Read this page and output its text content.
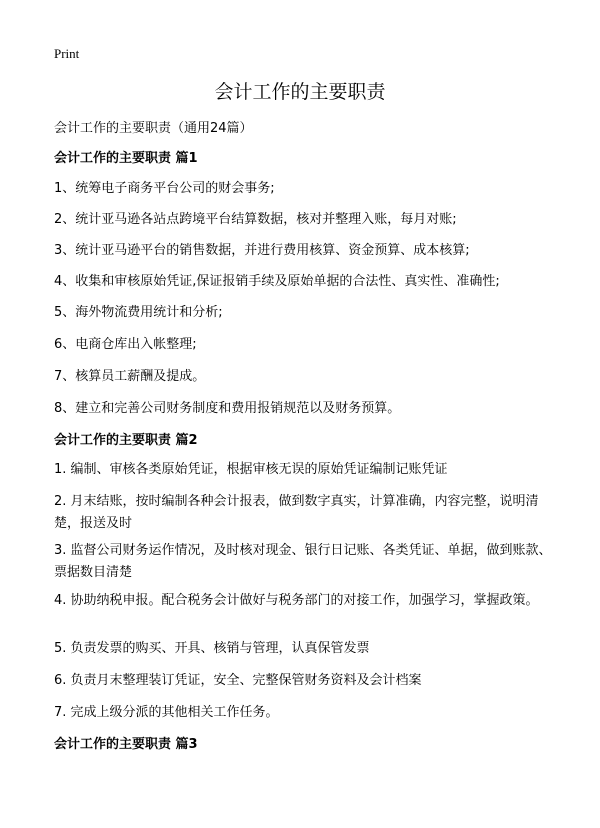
Print
会计工作的主要职责

会计工作的主要职责（通用24篇）

会计工作的主要职责 篇1

1、统筹电子商务平台公司的财会事务;

2、统计亚马逊各站点跨境平台结算数据，核对并整理入账，每月对账;

3、统计亚马逊平台的销售数据，并进行费用核算、资金预算、成本核算;

4、收集和审核原始凭证,保证报销手续及原始单据的合法性、真实性、准确性;

5、海外物流费用统计和分析;

6、电商仓库出入帐整理;

7、核算员工薪酬及提成。

8、建立和完善公司财务制度和费用报销规范以及财务预算。

会计工作的主要职责 篇2

1. 编制、审核各类原始凭证，根据审核无误的原始凭证编制记账凭证

2. 月末结账，按时编制各种会计报表，做到数字真实，计算准确，内容完整，说明清楚，报送及时

3. 监督公司财务运作情况，及时核对现金、银行日记账、各类凭证、单据，做到账款、票据数目清楚

4. 协助纳税申报。配合税务会计做好与税务部门的对接工作，加强学习，掌握政策。

5. 负责发票的购买、开具、核销与管理，认真保管发票

6. 负责月末整理装订凭证，安全、完整保管财务资料及会计档案

7. 完成上级分派的其他相关工作任务。

会计工作的主要职责 篇3
